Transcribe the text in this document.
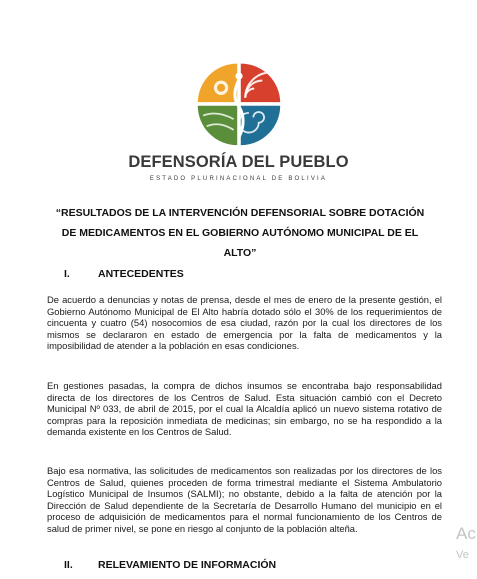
DEFENSORÍA DEL PUEBLO
ESTADO PLURINACIONAL DE BOLIVIA
“RESULTADOS DE LA INTERVENCIÓN DEFENSORIAL SOBRE DOTACIÓN DE MEDICAMENTOS EN EL GOBIERNO AUTÓNOMO MUNICIPAL DE EL ALTO”
I.	ANTECEDENTES

De acuerdo a denuncias y notas de prensa, desde el mes de enero de la presente gestión, el Gobierno Autónomo Municipal de El Alto habría dotado sólo el 30% de los requerimientos de cincuenta y cuatro (54) nosocomios de esa ciudad, razón por la cual los directores de los mismos se declararon en estado de emergencia por la falta de medicamentos y la imposibilidad de atender a la población en esas condiciones.

En gestiones pasadas, la compra de dichos insumos se encontraba bajo responsabilidad directa de los directores de los Centros de Salud. Esta situación cambió con el Decreto Municipal Nº 033, de abril de 2015, por el cual la Alcaldía aplicó un nuevo sistema rotativo de compras para la reposición inmediata de medicinas; sin embargo, no se ha respondido a la demanda existente en los Centros de Salud.

Bajo esa normativa, las solicitudes de medicamentos son realizadas por los directores de los Centros de Salud, quienes proceden de forma trimestral mediante el Sistema Ambulatorio Logístico Municipal de Insumos (SALMI); no obstante, debido a la falta de atención por la Dirección de Salud dependiente de la Secretaría de Desarrollo Humano del municipio en el proceso de adquisición de medicamentos para el normal funcionamiento de los Centros de salud de primer nivel, se pone en riesgo al conjunto de la población alteña.

II.	RELEVAMIENTO DE INFORMACIÓN
Ac
Ve
